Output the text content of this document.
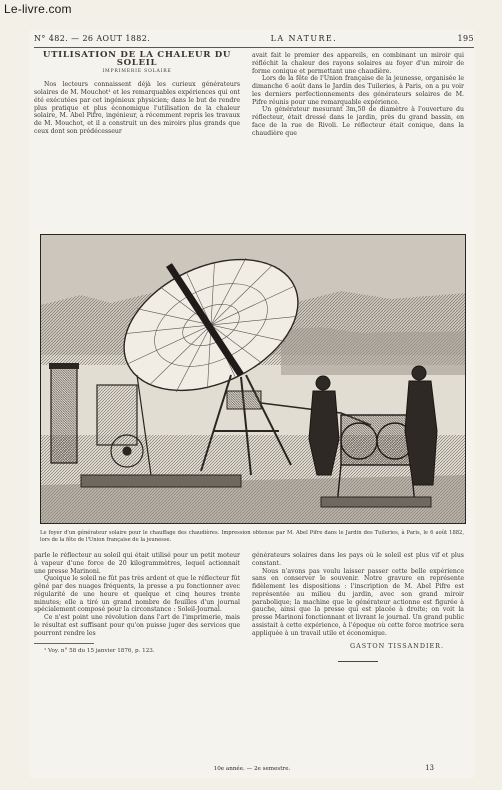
Le-livre.com
N° 482. — 26 AOUT 1882.	LA NATURE.	195

UTILISATION DE LA CHALEUR DU SOLEIL

IMPRIMERIE SOLAIRE

Nos lecteurs connaissent déjà les curieux générateurs solaires de M. Mouchot¹ et les remarquables expériences qui ont été exécutées par cet ingénieux physicien; dans le but de rendre plus pratique et plus économique l'utilisation de la chaleur solaire, M. Abel Pifre, ingénieur, a récemment repris les travaux de M. Mouchot, et il a construit un des miroirs plus grands que ceux dont son prédécesseur

avait fait le premier des appareils, en combinant un miroir qui réfléchit la chaleur des rayons solaires au foyer d'un miroir de forme conique et permettant une chaudière.

Lors de la fête de l'Union française de la jeunesse, organisée le dimanche 6 août dans le Jardin des Tuileries, à Paris, on a pu voir les derniers perfectionnements des générateurs solaires de M. Pifre réunis pour une remarquable expérience.

Un générateur mesurant 3m,50 de diamètre à l'ouverture du réflecteur, était dressé dans le jardin, près du grand bassin, en face de la rue de Rivoli. Le réflecteur était conique, dans la chaudière que

Le foyer d'un générateur solaire pour le chauffage des chaudières. Impression obtenue par M. Abel Pifre dans le Jardin des Tuileries, à Paris, le 6 août 1882, lors de la fête de l'Union française de la jeunesse.

parle le réflecteur au soleil qui était utilisé pour un petit moteur à vapeur d'une force de 20 kilogrammètres, lequel actionnait une presse Marinoni.

Quoique le soleil ne fût pas très ardent et que le réflecteur fût gêné par des nuages fréquents, la presse a pu fonctionner avec régularité de une heure et quelque et cinq heures trente minutes; elle a tiré un grand nombre de feuilles d'un journal spécialement composé pour la circonstance : Soleil-Journal.

Ce n'est point une révolution dans l'art de l'imprimerie, mais le résultat est suffisant pour qu'on puisse juger des services que pourront rendre les

¹ Voy. n° 58 du 15 janvier 1876, p. 123.

générateurs solaires dans les pays où le soleil est plus vif et plus constant.

Nous n'avons pas voulu laisser passer cette belle expérience sans en conserver le souvenir. Notre gravure en représente fidèlement les dispositions : l'inscription de M. Abel Pifre est représentée au milieu du jardin, avec son grand miroir parabolique; la machine que le générateur actionne est figurée à gauche, ainsi que la presse qui est placée à droite; on voit la presse Marinoni fonctionnant et livrant le journal. Un grand public assistait à cette expérience, à l'époque où cette force motrice sera appliquée à un travail utile et économique.

GASTON TISSANDIER.
10e année. — 2e semestre.	13
